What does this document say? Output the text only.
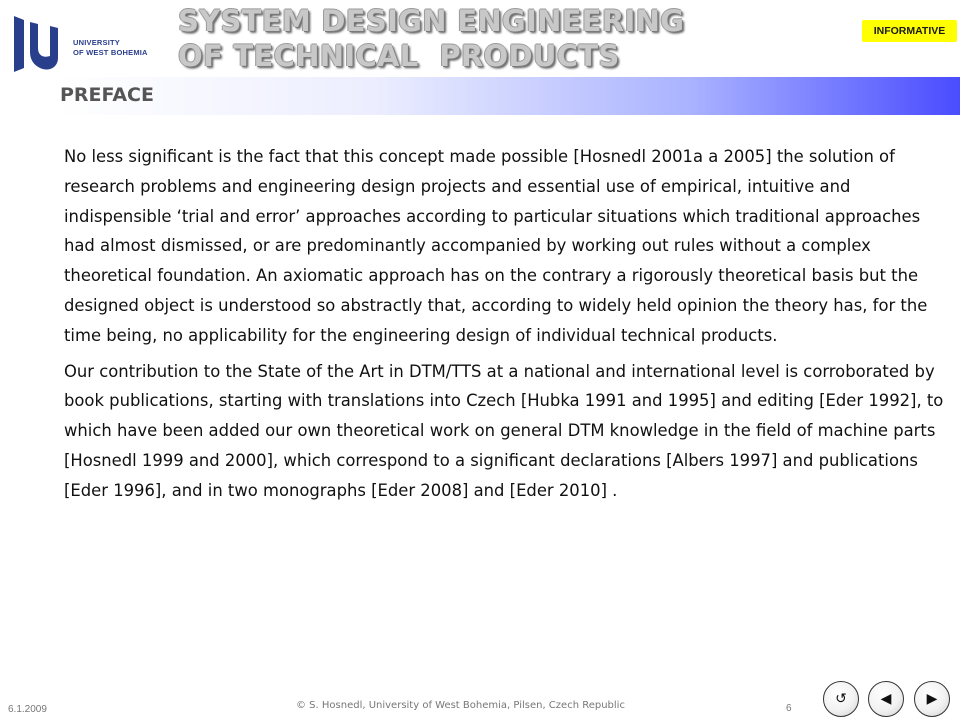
UNIVERSITY
OF WEST BOHEMIA
SYSTEM DESIGN ENGINEERING
OF TECHNICAL  PRODUCTS
INFORMATIVE
PREFACE

No less significant is the fact that this concept made possible [Hosnedl 2001a a 2005] the solution of research problems and engineering design projects and essential use of empirical, intuitive and indispensible ‘trial and error’ approaches according to particular situations which traditional approaches had almost dismissed, or are predominantly accompanied by working out rules without a complex theoretical foundation. An axiomatic approach has on the contrary a rigorously theoretical basis but the designed object is understood so abstractly that, according to widely held opinion the theory has, for the time being, no applicability for the engineering design of individual technical products.

Our contribution to the State of the Art in DTM/TTS at a national and international level is corroborated by book publications, starting with translations into Czech [Hubka 1991 and 1995] and editing [Eder 1992], to which have been added our own theoretical work on general DTM knowledge in the field of machine parts [Hosnedl 1999 and 2000], which correspond to a significant declarations [Albers 1997] and publications [Eder 1996], and in two monographs [Eder 2008] and [Eder 2010] .

6.1.2009	© S. Hosnedl, University of West Bohemia, Pilsen, Czech Republic	6
↺ ◀	▶
